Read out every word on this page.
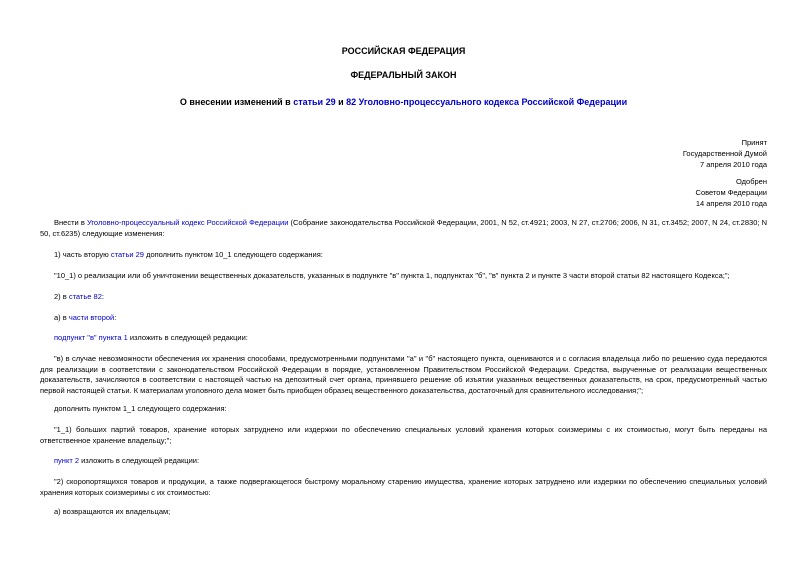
РОССИЙСКАЯ ФЕДЕРАЦИЯ
ФЕДЕРАЛЬНЫЙ ЗАКОН
О внесении изменений в статьи 29 и 82 Уголовно-процессуального кодекса Российской Федерации
Принят
Государственной Думой
7 апреля 2010 года
Одобрен
Советом Федерации
14 апреля 2010 года
Внести в Уголовно-процессуальный кодекс Российской Федерации (Собрание законодательства Российской Федерации, 2001, N 52, ст.4921; 2003, N 27, ст.2706; 2006, N 31, ст.3452; 2007, N 24, ст.2830; N 50, ст.6235) следующие изменения:
1) часть вторую статьи 29 дополнить пунктом 10_1 следующего содержания:
"10_1) о реализации или об уничтожении вещественных доказательств, указанных в подпункте "в" пункта 1, подпунктах "б", "в" пункта 2 и пункте 3 части второй статьи 82 настоящего Кодекса;";
2) в статье 82:
а) в части второй:
подпункт "в" пункта 1 изложить в следующей редакции:
"в) в случае невозможности обеспечения их хранения способами, предусмотренными подпунктами "а" и "б" настоящего пункта, оцениваются и с согласия владельца либо по решению суда передаются для реализации в соответствии с законодательством Российской Федерации в порядке, установленном Правительством Российской Федерации. Средства, вырученные от реализации вещественных доказательств, зачисляются в соответствии с настоящей частью на депозитный счет органа, принявшего решение об изъятии указанных вещественных доказательств, на срок, предусмотренный частью первой настоящей статьи. К материалам уголовного дела может быть приобщен образец вещественного доказательства, достаточный для сравнительного исследования;";
дополнить пунктом 1_1 следующего содержания:
"1_1) больших партий товаров, хранение которых затруднено или издержки по обеспечению специальных условий хранения которых соизмеримы с их стоимостью, могут быть переданы на ответственное хранение владельцу;";
пункт 2 изложить в следующей редакции:
"2) скоропортящихся товаров и продукции, а также подвергающегося быстрому моральному старению имущества, хранение которых затруднено или издержки по обеспечению специальных условий хранения которых соизмеримы с их стоимостью:
а) возвращаются их владельцам;
